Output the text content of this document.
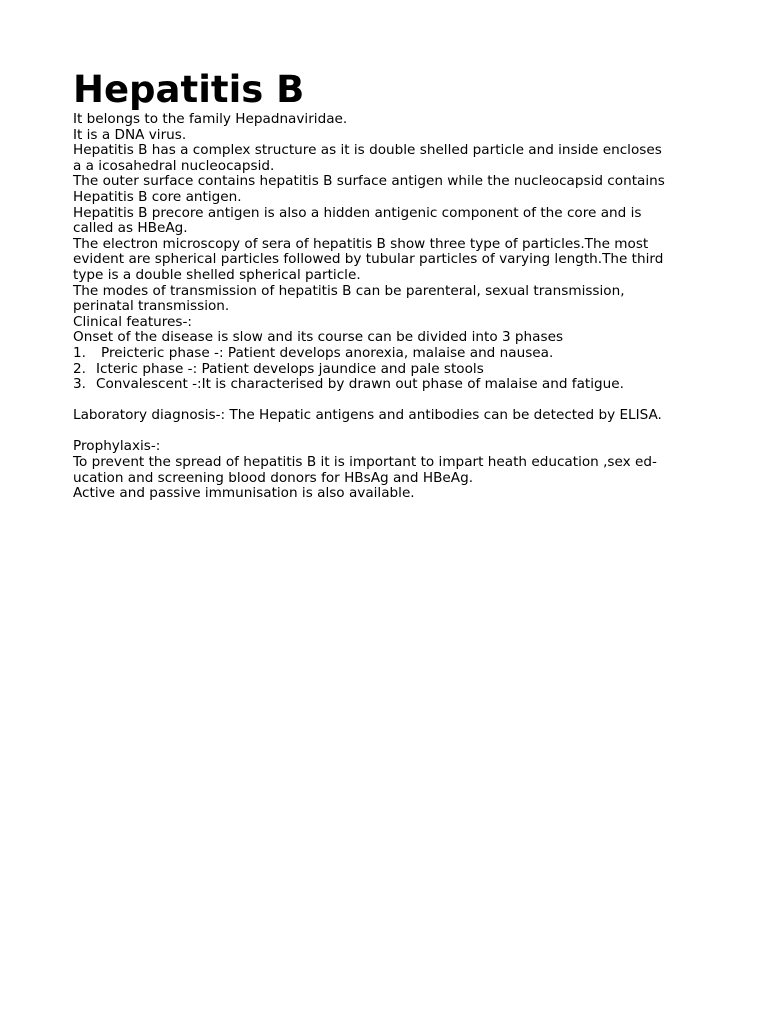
Hepatitis B
It belongs to the family Hepadnaviridae.
It is a DNA virus.
Hepatitis B has a complex structure as it is double shelled particle and inside encloses
a a icosahedral nucleocapsid.
The outer surface contains hepatitis B surface antigen while the nucleocapsid contains
Hepatitis B core antigen.
Hepatitis B precore antigen is also a hidden antigenic component of the core and is
called as HBeAg.
The electron microscopy of sera of hepatitis B show three type of particles.The most
evident are spherical particles followed by tubular particles of varying length.The third
type is a double shelled spherical particle.
The modes of transmission of hepatitis B can be parenteral, sexual transmission,
perinatal transmission.
Clinical features-:
Onset of the disease is slow and its course can be divided into 3 phases
1. Preicteric phase -: Patient develops anorexia, malaise and nausea.
2. Icteric phase -: Patient develops jaundice and pale stools
3. Convalescent -:It is characterised by drawn out phase of malaise and fatigue.
Laboratory diagnosis-: The Hepatic antigens and antibodies can be detected by ELISA.
Prophylaxis-:
To prevent the spread of hepatitis B it is important to impart heath education ,sex ed-
ucation and screening blood donors for HBsAg and HBeAg.
Active and passive immunisation is also available.
